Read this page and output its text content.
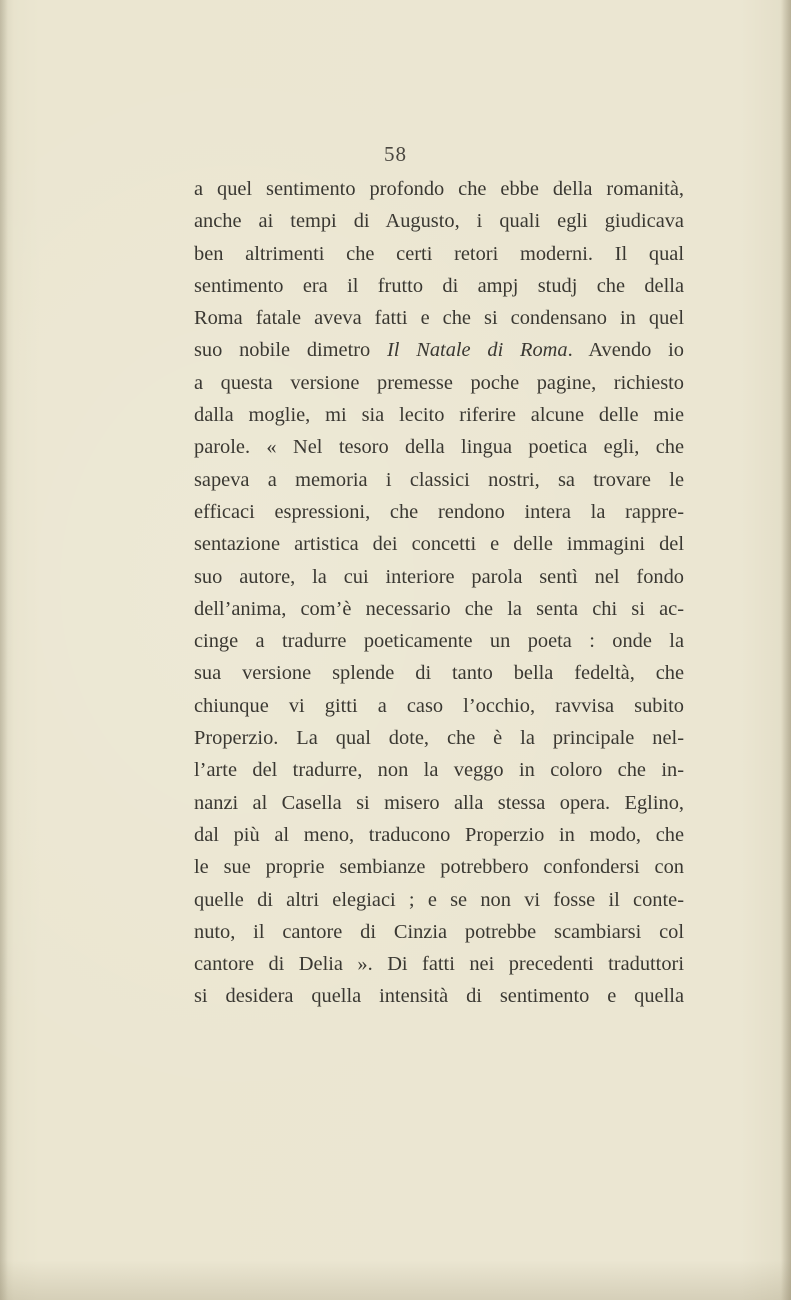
58
a quel sentimento profondo che ebbe della romanità,
anche ai tempi di Augusto, i quali egli giudicava
ben altrimenti che certi retori moderni. Il qual
sentimento era il frutto di ampj studj che della
Roma fatale aveva fatti e che si condensano in quel
suo nobile dimetro Il Natale di Roma. Avendo io
a questa versione premesse poche pagine, richiesto
dalla moglie, mi sia lecito riferire alcune delle mie
parole. « Nel tesoro della lingua poetica egli, che
sapeva a memoria i classici nostri, sa trovare le
efficaci espressioni, che rendono intera la rappre-
sentazione artistica dei concetti e delle immagini del
suo autore, la cui interiore parola sentì nel fondo
dell’anima, com’è necessario che la senta chi si ac-
cinge a tradurre poeticamente un poeta : onde la
sua versione splende di tanto bella fedeltà, che
chiunque vi gitti a caso l’occhio, ravvisa subito
Properzio. La qual dote, che è la principale nel-
l’arte del tradurre, non la veggo in coloro che in-
nanzi al Casella si misero alla stessa opera. Eglino,
dal più al meno, traducono Properzio in modo, che
le sue proprie sembianze potrebbero confondersi con
quelle di altri elegiaci ; e se non vi fosse il conte-
nuto, il cantore di Cinzia potrebbe scambiarsi col
cantore di Delia ». Di fatti nei precedenti traduttori
si desidera quella intensità di sentimento e quella
